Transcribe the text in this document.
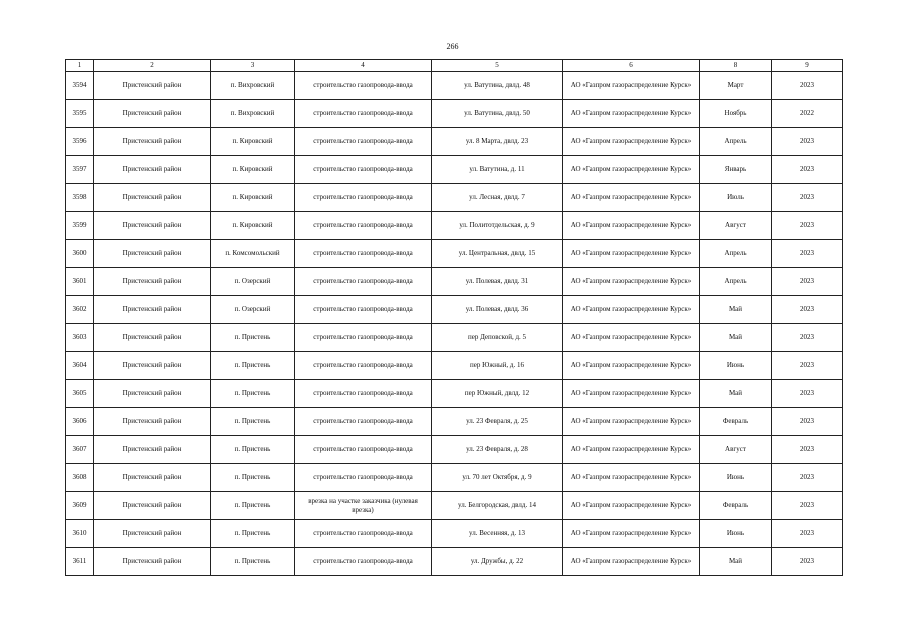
266
1	2	3	4	5	6	8	9
3594	Пристенский район	п. Вихровский	строительство газопровода-ввода	ул. Ватутина, двлд. 48	АО «Газпром газораспределение Курск»	Март	2023
3595	Пристенский район	п. Вихровский	строительство газопровода-ввода	ул. Ватутина, двлд. 50	АО «Газпром газораспределение Курск»	Ноябрь	2022
3596	Пристенский район	п. Кировский	строительство газопровода-ввода	ул. 8 Марта, двлд. 23	АО «Газпром газораспределение Курск»	Апрель	2023
3597	Пристенский район	п. Кировский	строительство газопровода-ввода	ул. Ватутина, д. 11	АО «Газпром газораспределение Курск»	Январь	2023
3598	Пристенский район	п. Кировский	строительство газопровода-ввода	ул. Лесная, двлд. 7	АО «Газпром газораспределение Курск»	Июль	2023
3599	Пристенский район	п. Кировский	строительство газопровода-ввода	ул. Политотдельская, д. 9	АО «Газпром газораспределение Курск»	Август	2023
3600	Пристенский район	п. Комсомольский	строительство газопровода-ввода	ул. Центральная, двлд. 15	АО «Газпром газораспределение Курск»	Апрель	2023
3601	Пристенский район	п. Озерский	строительство газопровода-ввода	ул. Полевая, двлд. 31	АО «Газпром газораспределение Курск»	Апрель	2023
3602	Пристенский район	п. Озерский	строительство газопровода-ввода	ул. Полевая, двлд. 36	АО «Газпром газораспределение Курск»	Май	2023
3603	Пристенский район	п. Пристень	строительство газопровода-ввода	пер Деповской, д. 5	АО «Газпром газораспределение Курск»	Май	2023
3604	Пристенский район	п. Пристень	строительство газопровода-ввода	пер Южный, д. 16	АО «Газпром газораспределение Курск»	Июнь	2023
3605	Пристенский район	п. Пристень	строительство газопровода-ввода	пер Южный, двлд. 12	АО «Газпром газораспределение Курск»	Май	2023
3606	Пристенский район	п. Пристень	строительство газопровода-ввода	ул. 23 Февраля, д. 25	АО «Газпром газораспределение Курск»	Февраль	2023
3607	Пристенский район	п. Пристень	строительство газопровода-ввода	ул. 23 Февраля, д. 28	АО «Газпром газораспределение Курск»	Август	2023
3608	Пристенский район	п. Пристень	строительство газопровода-ввода	ул. 70 лет Октября, д. 9	АО «Газпром газораспределение Курск»	Июнь	2023
3609	Пристенский район	п. Пристень	врезка на участке заказчика (нулевая врезка)	ул. Белгородская, двлд. 14	АО «Газпром газораспределение Курск»	Февраль	2023
3610	Пристенский район	п. Пристень	строительство газопровода-ввода	ул. Весенняя, д. 13	АО «Газпром газораспределение Курск»	Июнь	2023
3611	Пристенский район	п. Пристень	строительство газопровода-ввода	ул. Дружбы, д. 22	АО «Газпром газораспределение Курск»	Май	2023
